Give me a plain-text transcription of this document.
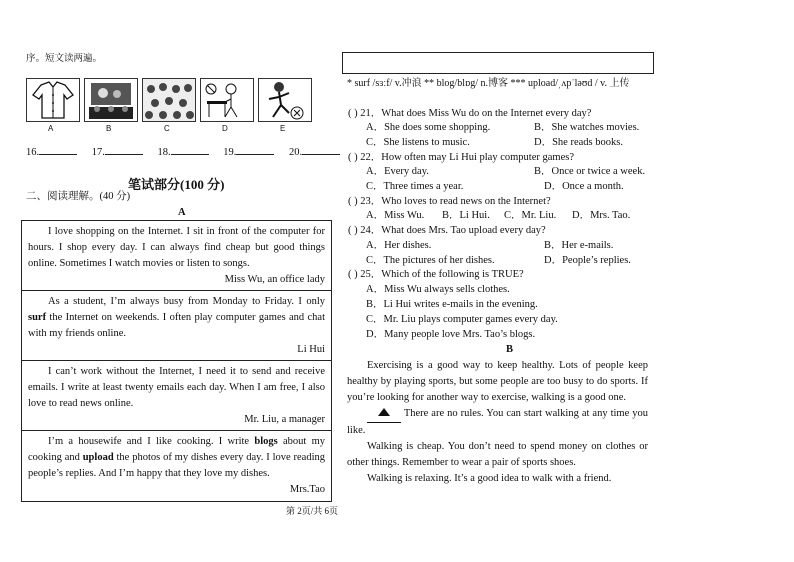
序。短文读两遍。
A	B	C	D	E
16.	17.	18.	19.	20.
笔试部分(100 分)
二、阅读理解。(40 分)
A
I love shopping on the Internet. I sit in front of the computer for hours. I shop every day. I can always find cheap but good things online. Sometimes I watch movies or listen to songs.
Miss Wu, an office lady
As a student, I’m always busy from Monday to Friday. I only surf the Internet on weekends. I often play computer games and chat with my friends online.
Li Hui
I can’t work without the Internet, I need it to send and receive emails. I write at least twenty emails each day. When I am free, I also love to read news online.
Mr. Liu, a manager
I’m a housewife and I like cooking. I write blogs about my cooking and upload the photos of my dishes every day. I love reading people’s replies. And I’m happy that they love my dishes.
Mrs.Tao
第 2页/共 6页
* surf /sɜːf/ v.冲浪 ** blog/blɒg/ n.博客 *** upload/ˌʌpˈləʊd / v. 上传
( ) 21．What does Miss Wu do on the Internet every day?
A．She does some shopping.	B．She watches movies.
C．She listens to music.	D．She reads books.
( ) 22．How often may Li Hui play computer games?
A．Every day.	B．Once or twice a week.
C．Three times a year.	D．Once a month.
( ) 23．Who loves to read news on the Internet?
A．Miss Wu. B．Li Hui. C．Mr. Liu. D．Mrs. Tao.
( ) 24．What does Mrs. Tao upload every day?
A．Her dishes.	B．Her e-mails.
C．The pictures of her dishes.	D．People’s replies.
( ) 25．Which of the following is TRUE?
A．Miss Wu always sells clothes.
B．Li Hui writes e-mails in the evening.
C．Mr. Liu plays computer games every day.
D．Many people love Mrs. Tao’s blogs.
B
Exercising is a good way to keep healthy. Lots of people keep healthy by playing sports, but some people are too busy to do sports. If you’re looking for another way to exercise, walking is a good one.
There are no rules. You can start walking at any time you like.
Walking is cheap. You don’t need to spend money on clothes or other things. Remember to wear a pair of sports shoes.
Walking is relaxing. It’s a good idea to walk with a friend.
